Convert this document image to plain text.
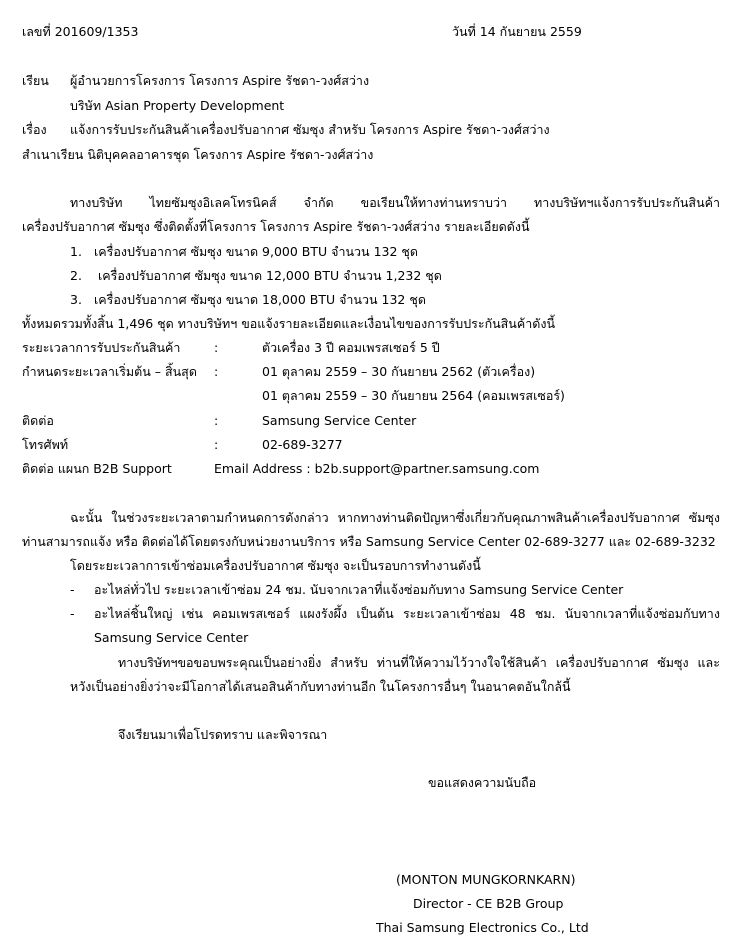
เลขที่ 201609/1353	วันที่ 14 กันยายน 2559
เรียน ผู้อำนวยการโครงการ โครงการ Aspire รัชดา-วงศ์สว่าง
บริษัท Asian Property Development
เรื่อง แจ้งการรับประกันสินค้าเครื่องปรับอากาศ ซัมซุง สำหรับ โครงการ Aspire รัชดา-วงศ์สว่าง
สำเนาเรียน นิติบุคคลอาคารชุด โครงการ Aspire รัชดา-วงศ์สว่าง
ทางบริษัท ไทยซัมซุงอิเลคโทรนิคส์ จำกัด ขอเรียนให้ทางท่านทราบว่า ทางบริษัทฯแจ้งการรับประกันสินค้า
เครื่องปรับอากาศ ซัมซุง ซึ่งติดตั้งที่โครงการ โครงการ Aspire รัชดา-วงศ์สว่าง รายละเอียดดังนี้
1. เครื่องปรับอากาศ ซัมซุง ขนาด 9,000 BTU จำนวน 132 ชุด
2. เครื่องปรับอากาศ ซัมซุง ขนาด 12,000 BTU จำนวน 1,232 ชุด
3. เครื่องปรับอากาศ ซัมซุง ขนาด 18,000 BTU จำนวน 132 ชุด
ทั้งหมดรวมทั้งสิ้น 1,496 ชุด ทางบริษัทฯ ขอแจ้งรายละเอียดและเงื่อนไขของการรับประกันสินค้าดังนี้
ระยะเวลาการรับประกันสินค้า	:	ตัวเครื่อง 3 ปี คอมเพรสเซอร์ 5 ปี
กำหนดระยะเวลาเริ่มต้น – สิ้นสุด :	01 ตุลาคม 2559 – 30 กันยายน 2562 (ตัวเครื่อง)
01 ตุลาคม 2559 – 30 กันยายน 2564 (คอมเพรสเซอร์)
ติดต่อ	:	Samsung Service Center
โทรศัพท์	:	02-689-3277
ติดต่อ แผนก B2B Support	Email Address : b2b.support@partner.samsung.com
ฉะนั้น ในช่วงระยะเวลาตามกำหนดการดังกล่าว หากทางท่านติดปัญหาซึ่งเกี่ยวกับคุณภาพสินค้าเครื่องปรับอากาศ ซัมซุง
ท่านสามารถแจ้ง หรือ ติดต่อได้โดยตรงกับหน่วยงานบริการ หรือ Samsung Service Center 02-689-3277 และ 02-689-3232
โดยระยะเวลาการเข้าซ่อมเครื่องปรับอากาศ ซัมซุง จะเป็นรอบการทำงานดังนี้
- อะไหล่ทั่วไป ระยะเวลาเข้าซ่อม 24 ชม. นับจากเวลาที่แจ้งซ่อมกับทาง Samsung Service Center
- อะไหล่ชิ้นใหญ่ เช่น คอมเพรสเซอร์ แผงรังผึ้ง เป็นต้น ระยะเวลาเข้าซ่อม 48 ชม. นับจากเวลาที่แจ้งซ่อมกับทาง
Samsung Service Center
ทางบริษัทฯขอขอบพระคุณเป็นอย่างยิ่ง สำหรับ ท่านที่ให้ความไว้วางใจใช้สินค้า เครื่องปรับอากาศ ซัมซุง และ
หวังเป็นอย่างยิ่งว่าจะมีโอกาสได้เสนอสินค้ากับทางท่านอีก ในโครงการอื่นๆ ในอนาคตอันใกล้นี้
จึงเรียนมาเพื่อโปรดทราบ และพิจารณา
ขอแสดงความนับถือ
(MONTON MUNGKORNKARN)
Director - CE B2B Group
Thai Samsung Electronics Co., Ltd
